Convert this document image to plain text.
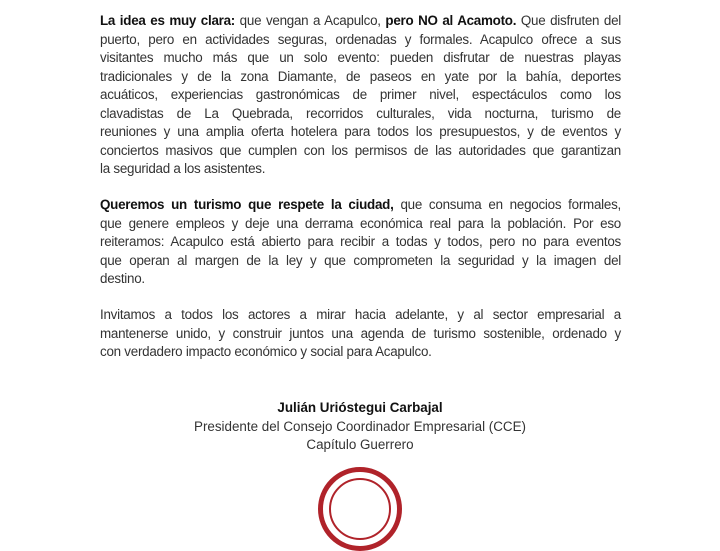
La idea es muy clara: que vengan a Acapulco, pero NO al Acamoto. Que disfruten del
puerto, pero en actividades seguras, ordenadas y formales. Acapulco ofrece a sus
visitantes mucho más que un solo evento: pueden disfrutar de nuestras playas
tradicionales y de la zona Diamante, de paseos en yate por la bahía, deportes
acuáticos, experiencias gastronómicas de primer nivel, espectáculos como los
clavadistas de La Quebrada, recorridos culturales, vida nocturna, turismo de
reuniones y una amplia oferta hotelera para todos los presupuestos, y de eventos y
conciertos masivos que cumplen con los permisos de las autoridades que garantizan
la seguridad a los asistentes.
Queremos un turismo que respete la ciudad, que consuma en negocios formales,
que genere empleos y deje una derrama económica real para la población. Por eso
reiteramos: Acapulco está abierto para recibir a todas y todos, pero no para eventos
que operan al margen de la ley y que comprometen la seguridad y la imagen del
destino.
Invitamos a todos los actores a mirar hacia adelante, y al sector empresarial a
mantenerse unido, y construir juntos una agenda de turismo sostenible, ordenado y
con verdadero impacto económico y social para Acapulco.
Julián Urióstegui Carbajal
Presidente del Consejo Coordinador Empresarial (CCE)
Capítulo Guerrero
